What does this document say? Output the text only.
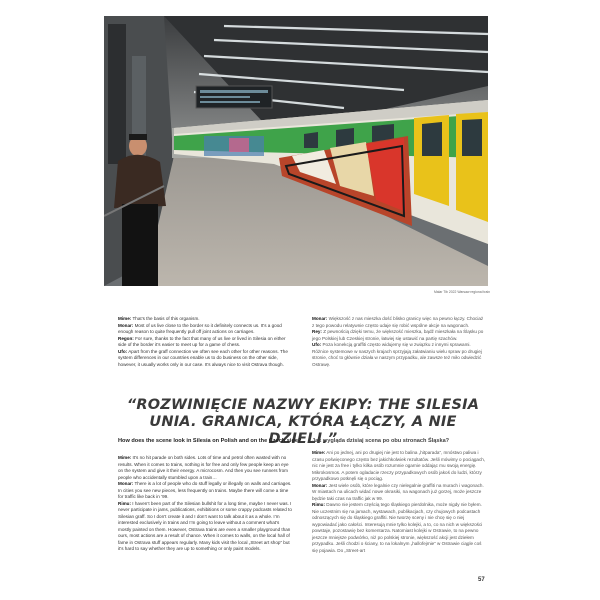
Malar Tib 2022 Warsaw regional train

Mime: That’s the basis of this organism.

Monar: Most of us live close to the border so it definitely connects us. It’s a good enough reason to quite frequently pull off joint actions on carriages.

Regon: For sure, thanks to the fact that many of us live or lived in Silesia on either side of the border it’s easier to meet up for a game of chess.

Ufo: Apart from the graff connection we often see each other for other reasons. The system differences in our countries enable us to do business on the other side, however, it usually works only in our case. It’s always nice to visit Ostrava though.

Monar: Większość z nas mieszka dość blisko granicy więc na pewno łączy. Chociaż z tego powodu relatywnie często udaje się robić wspólne akcje na wagonach.

Rey: Z pewnością dzięki temu, że większość mieszka, bądź mieszkała na Śląsku po jego Polskiej lub Czeskiej stronie, łatwiej się ustawić na partię szachów.

Ufo: Poza konekcją graffiti często widujemy się w związku z innymi sprawami. Różnice systemowe w naszych krajach sprzyjają załatwianiu wielu spraw po drugiej stronie, choć to głównie działa w naszym przypadku, ale zawsze też miło odwiedzić Ostrawę.

“ROZWINIĘCIE NAZWY EKIPY: THE SILESIA UNIA. GRANICA, KTÓRA ŁĄCZY, A NIE DZIELI.”
How does the scene look in Silesia on Polish and on the Czech side? Jak wygląda dzisiaj scena po obu stronach Śląska?

Mime: It’s no hit parade on both sides. Lots of time and petrol often wasted with no results. When it comes to trains, nothing is for free and only few people keep an eye on the system and give it their energy. A microcosm. And then you see runners from people who accidentally stumbled upon a train…

Monar: There is a lot of people who do stuff legally or illegally on walls and carriages. In cities you see new pieces, less frequently on trains. Maybe there will come a time for traffic like back in ’99.

Rimu: I haven’t been part of the Silesian bullshit for a long time, maybe I never was. I never participate in jams, publications, exhibitions or some crappy podcasts related to Silesian graff. So I don’t create it and I don’t want to talk about it as a whole. I’m interested exclusively in trains and I’m going to leave without a comment what’s mostly painted on them. However, Ostrava trains are even a smaller playground than ours, most actions are a result of chance. When it comes to walls, on the local hall of fame in Ostrava stuff appears regularly. Many kids visit the local „Street art shop” but it’s hard to say whether they are up to something or only paint models.

Mime: Ani po jednej, ani po drugiej nie jest to balina „hitparada”, mnóstwo paliwa i czasu poświęconego często bez jakichkolwiek rezultatów. Jeśli mówimy o pociągach, nic nie jest za free i tylko kilka osób rozumnie ogarnie oddając mu swoją energię. Mikrokosmos. A potem ogladacie rzeczy przypadkowych osób jakoś do ludzi, którzy przypadkowo potknęli się o pociąg.

Monar: Jest wiele osób, które legalnie czy nielegalnie graffiti na murach i wagonach. W miastach na ulicach widać nowe okrasiki, na wagonach już gorzej, może jeszcze będzie taki czas na traffic jak w 99.

Rimu: Dawno nie jestem częścią tego śląskiego pierdolnika, może nigdy nie byłem. Nie uczestnim się na jamach, wystawach, publikacjach, czy chujowych podcastach odnoszących się do śląskiego graffiti. Nie tworzę sceny i nie chcę się o niej wypowiadać jako całości. Interesują mnie tylko kolejki, a to, co na nich w większości powstaje, pozostawię bez komentarza. Natomiast kolejki w Ostrawie, to na pewno jeszcze mniejsze podwórko, niż po polskiej stronie, większość akcji jest dziełem przypadku. Jeśli chodzi o ściany, to na lokalnym „hallofejmie” w Ostrawie ciągle coś się pojawia. Do „Street-art

57
